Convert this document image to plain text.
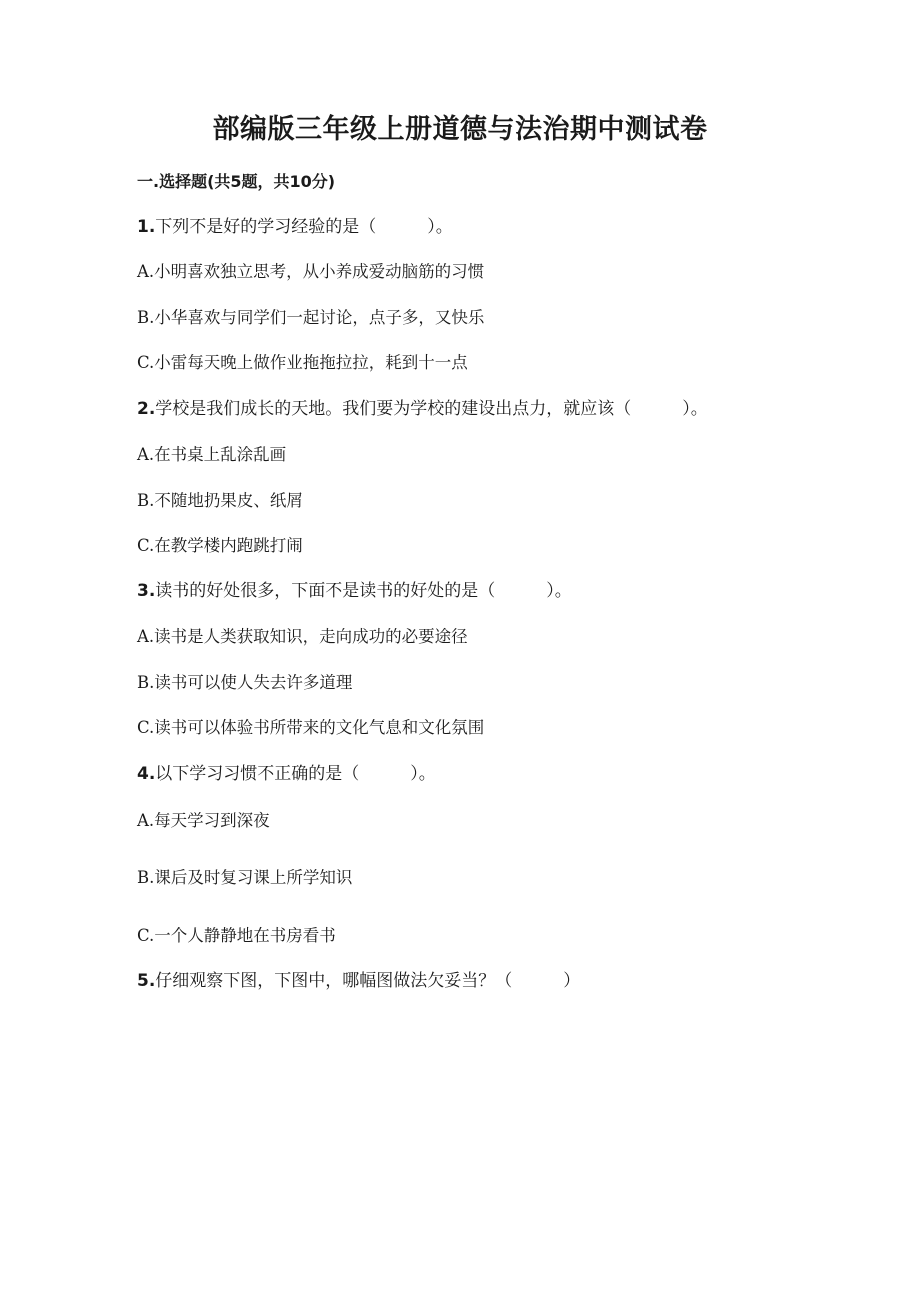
部编版三年级上册道德与法治期中测试卷
一.选择题(共5题，共10分)
1.下列不是好的学习经验的是（　　　）。
A.小明喜欢独立思考，从小养成爱动脑筋的习惯
B.小华喜欢与同学们一起讨论，点子多，又快乐
C.小雷每天晚上做作业拖拖拉拉，耗到十一点
2.学校是我们成长的天地。我们要为学校的建设出点力，就应该（　　　）。
A.在书桌上乱涂乱画
B.不随地扔果皮、纸屑
C.在教学楼内跑跳打闹
3.读书的好处很多，下面不是读书的好处的是（　　　）。
A.读书是人类获取知识，走向成功的必要途径
B.读书可以使人失去许多道理
C.读书可以体验书所带来的文化气息和文化氛围
4.以下学习习惯不正确的是（　　　）。
A.每天学习到深夜
B.课后及时复习课上所学知识
C.一个人静静地在书房看书
5.仔细观察下图，下图中，哪幅图做法欠妥当？（　　　）
